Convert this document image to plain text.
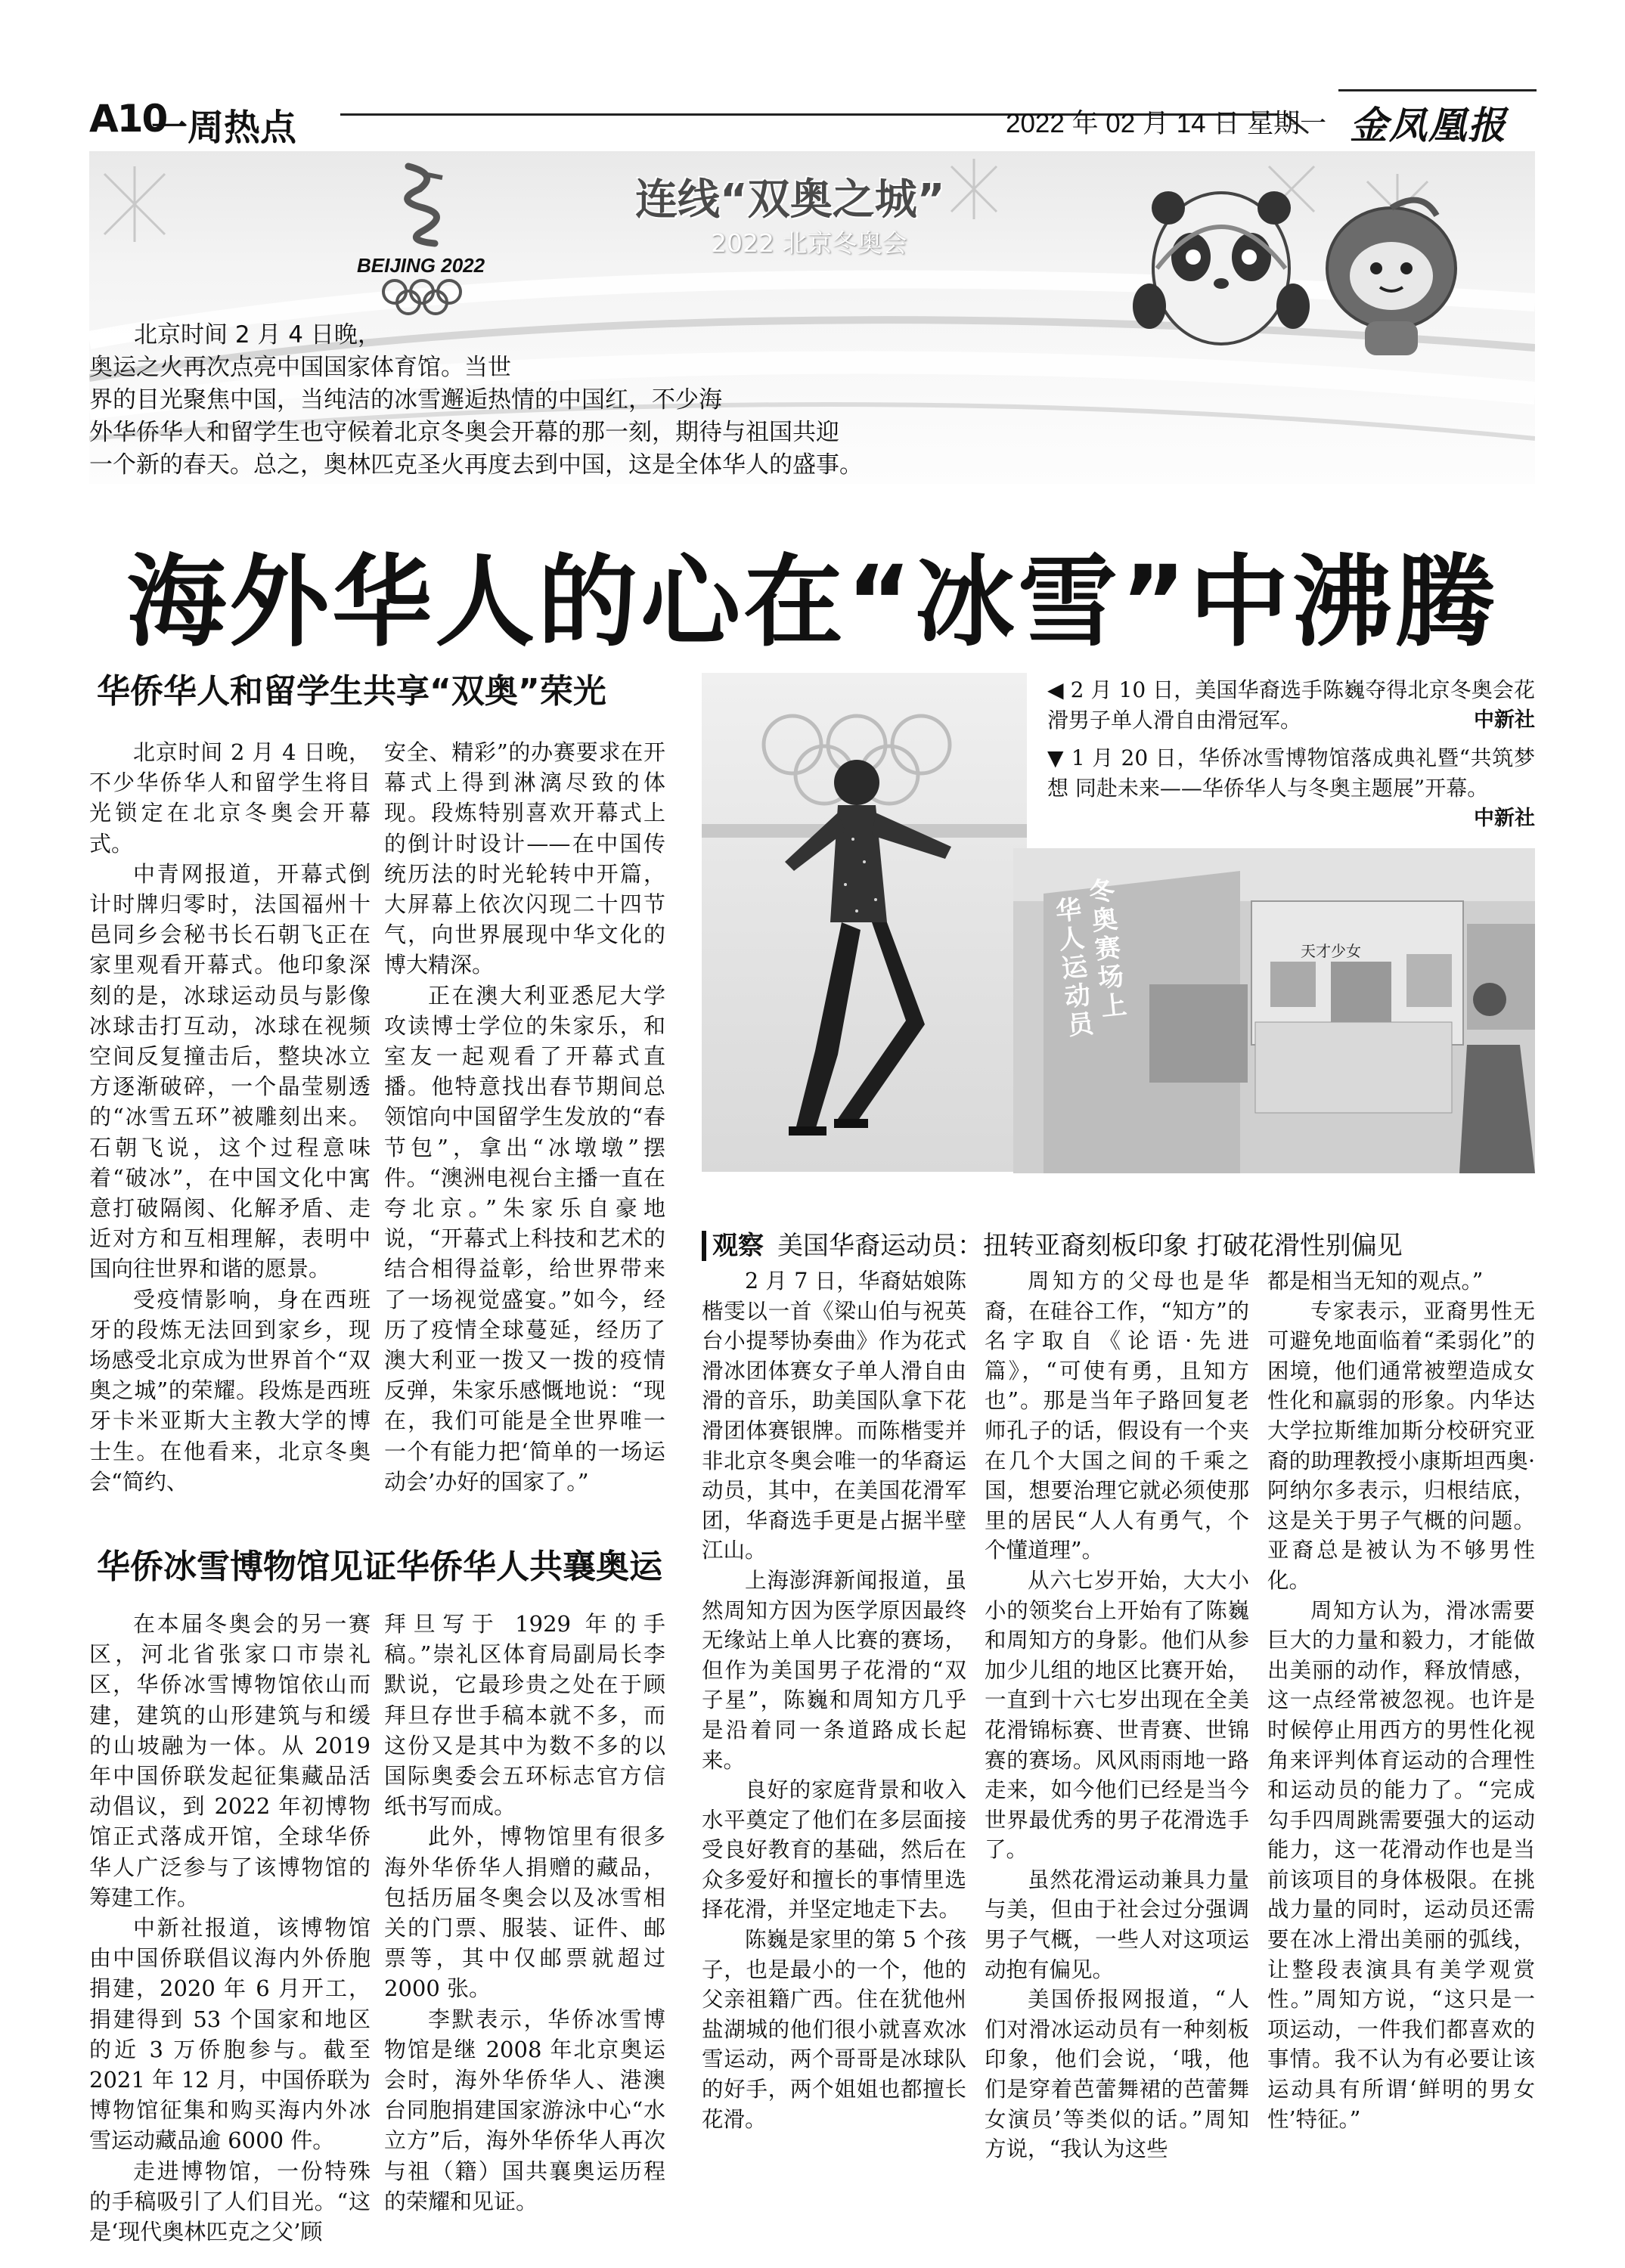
A10
一周热点	2022 年 02 月 14 日 星期一 金凤凰报
BEIJING 2022
连线“双奥之城”
2022 北京冬奥会
北京时间 2 月 4 日晚，
奥运之火再次点亮中国国家体育馆。当世
界的目光聚焦中国，当纯洁的冰雪邂逅热情的中国红，不少海
外华侨华人和留学生也守候着北京冬奥会开幕的那一刻，期待与祖国共迎
一个新的春天。总之，奥林匹克圣火再度去到中国，这是全体华人的盛事。
海外华人的心在“冰雪”中沸腾
华侨华人和留学生共享“双奥”荣光

北京时间 2 月 4 日晚，不少华侨华人和留学生将目光锁定在北京冬奥会开幕式。

中青网报道，开幕式倒计时牌归零时，法国福州十邑同乡会秘书长石朝飞正在家里观看开幕式。他印象深刻的是，冰球运动员与影像冰球击打互动，冰球在视频空间反复撞击后，整块冰立方逐渐破碎，一个晶莹剔透的“冰雪五环”被雕刻出来。石朝飞说，这个过程意味着“破冰”，在中国文化中寓意打破隔阂、化解矛盾、走近对方和互相理解，表明中国向往世界和谐的愿景。

受疫情影响，身在西班牙的段炼无法回到家乡，现场感受北京成为世界首个“双奥之城”的荣耀。段炼是西班牙卡米亚斯大主教大学的博士生。在他看来，北京冬奥会“简约、

安全、精彩”的办赛要求在开幕式上得到淋漓尽致的体现。段炼特别喜欢开幕式上的倒计时设计——在中国传统历法的时光轮转中开篇，大屏幕上依次闪现二十四节气，向世界展现中华文化的博大精深。

正在澳大利亚悉尼大学攻读博士学位的朱家乐，和室友一起观看了开幕式直播。他特意找出春节期间总领馆向中国留学生发放的“春节包”，拿出“冰墩墩”摆件。“澳洲电视台主播一直在夸北京。”朱家乐自豪地说，“开幕式上科技和艺术的结合相得益彰，给世界带来了一场视觉盛宴。”如今，经历了疫情全球蔓延，经历了澳大利亚一拨又一拨的疫情反弹，朱家乐感慨地说：“现在，我们可能是全世界唯一一个有能力把‘简单的一场运动会’办好的国家了。”

华侨冰雪博物馆见证华侨华人共襄奥运

在本届冬奥会的另一赛区，河北省张家口市崇礼区，华侨冰雪博物馆依山而建，建筑的山形建筑与和缓的山坡融为一体。从 2019 年中国侨联发起征集藏品活动倡议，到 2022 年初博物馆正式落成开馆，全球华侨华人广泛参与了该博物馆的筹建工作。

中新社报道，该博物馆由中国侨联倡议海内外侨胞捐建，2020 年 6 月开工，捐建得到 53 个国家和地区的近 3 万侨胞参与。截至 2021 年 12 月，中国侨联为博物馆征集和购买海内外冰雪运动藏品逾 6000 件。

走进博物馆，一份特殊的手稿吸引了人们目光。“这是‘现代奥林匹克之父’顾

拜旦写于 1929 年的手稿。”崇礼区体育局副局长李默说，它最珍贵之处在于顾拜旦存世手稿本就不多，而这份又是其中为数不多的以国际奥委会五环标志官方信纸书写而成。

此外，博物馆里有很多海外华侨华人捐赠的藏品，包括历届冬奥会以及冰雪相关的门票、服装、证件、邮票等，其中仅邮票就超过 2000 张。

李默表示，华侨冰雪博物馆是继 2008 年北京奥运会时，海外华侨华人、港澳台同胞捐建国家游泳中心“水立方”后，海外华侨华人再次与祖（籍）国共襄奥运历程的荣耀和见证。

◀ 2 月 10 日，美国华裔选手陈巍夺得北京冬奥会花滑男子单人滑自由滑冠军。	中新社

▼ 1 月 20 日，华侨冰雪博物馆落成典礼暨“共筑梦想 同赴未来——华侨华人与冬奥主题展”开幕。
中新社

华人运动员
冬奥赛场上
天才少女
观察 美国华裔运动员：扭转亚裔刻板印象 打破花滑性别偏见

2 月 7 日，华裔姑娘陈楷雯以一首《梁山伯与祝英台小提琴协奏曲》作为花式滑冰团体赛女子单人滑自由滑的音乐，助美国队拿下花滑团体赛银牌。而陈楷雯并非北京冬奥会唯一的华裔运动员，其中，在美国花滑军团，华裔选手更是占据半壁江山。

上海澎湃新闻报道，虽然周知方因为医学原因最终无缘站上单人比赛的赛场，但作为美国男子花滑的“双子星”，陈巍和周知方几乎是沿着同一条道路成长起来。

良好的家庭背景和收入水平奠定了他们在多层面接受良好教育的基础，然后在众多爱好和擅长的事情里选择花滑，并坚定地走下去。

陈巍是家里的第 5 个孩子，也是最小的一个，他的父亲祖籍广西。住在犹他州盐湖城的他们很小就喜欢冰雪运动，两个哥哥是冰球队的好手，两个姐姐也都擅长花滑。

周知方的父母也是华裔，在硅谷工作，“知方”的名字取自《论语·先进篇》，“可使有勇，且知方也”。那是当年子路回复老师孔子的话，假设有一个夹在几个大国之间的千乘之国，想要治理它就必须使那里的居民“人人有勇气，个个懂道理”。

从六七岁开始，大大小小的领奖台上开始有了陈巍和周知方的身影。他们从参加少儿组的地区比赛开始，一直到十六七岁出现在全美花滑锦标赛、世青赛、世锦赛的赛场。风风雨雨地一路走来，如今他们已经是当今世界最优秀的男子花滑选手了。

虽然花滑运动兼具力量与美，但由于社会过分强调男子气概，一些人对这项运动抱有偏见。

美国侨报网报道，“人们对滑冰运动员有一种刻板印象，他们会说，‘哦，他们是穿着芭蕾舞裙的芭蕾舞女演员’等类似的话。”周知方说，“我认为这些

都是相当无知的观点。”

专家表示，亚裔男性无可避免地面临着“柔弱化”的困境，他们通常被塑造成女性化和羸弱的形象。内华达大学拉斯维加斯分校研究亚裔的助理教授小康斯坦西奥·阿纳尔多表示，归根结底，这是关于男子气概的问题。亚裔总是被认为不够男性化。

周知方认为，滑冰需要巨大的力量和毅力，才能做出美丽的动作，释放情感，这一点经常被忽视。也许是时候停止用西方的男性化视角来评判体育运动的合理性和运动员的能力了。“完成勾手四周跳需要强大的运动能力，这一花滑动作也是当前该项目的身体极限。在挑战力量的同时，运动员还需要在冰上滑出美丽的弧线，让整段表演具有美学观赏性。”周知方说，“这只是一项运动，一件我们都喜欢的事情。我不认为有必要让该运动具有所谓‘鲜明的男女性’特征。”
